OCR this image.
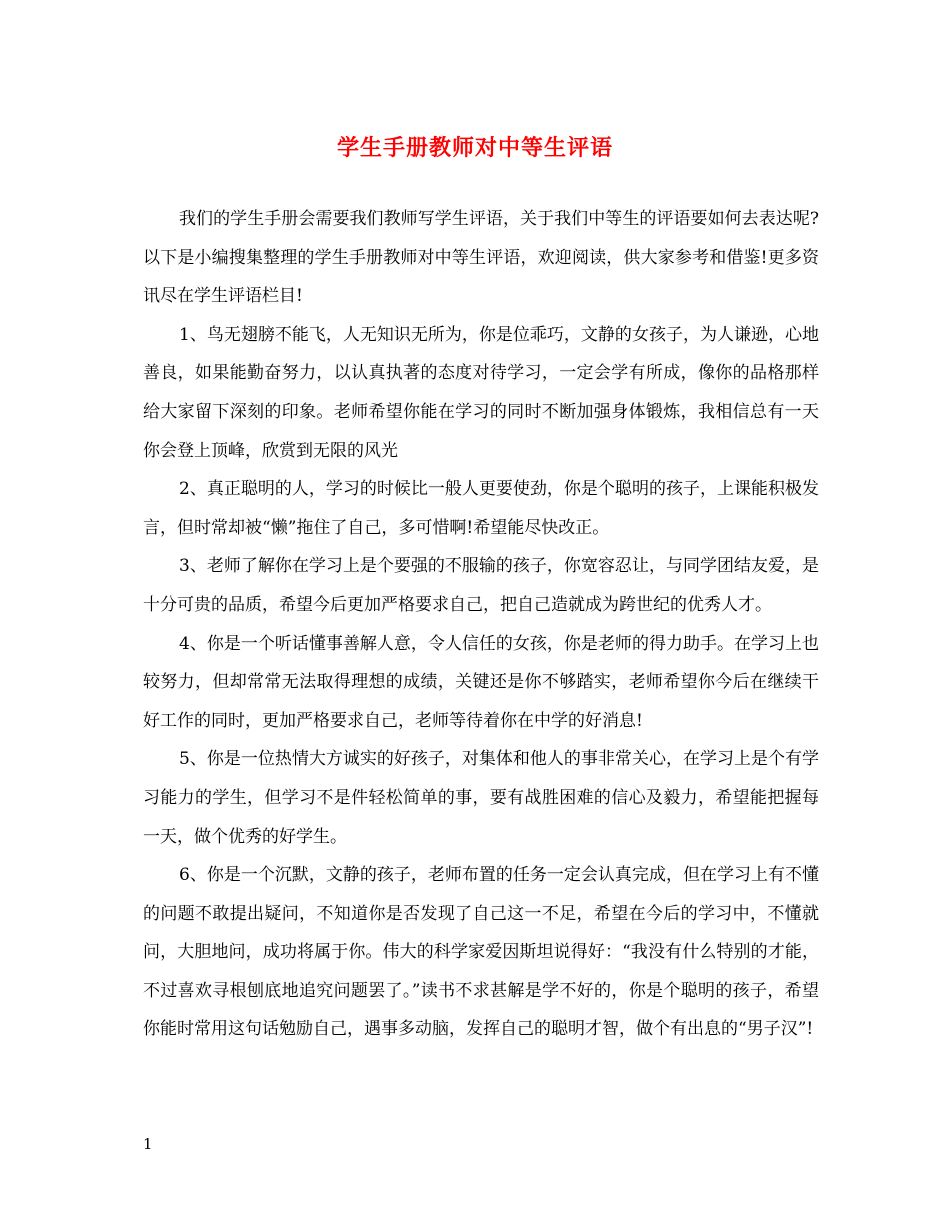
学生手册教师对中等生评语

我们的学生手册会需要我们教师写学生评语，关于我们中等生的评语要如何去表达呢?以下是小编搜集整理的学生手册教师对中等生评语，欢迎阅读，供大家参考和借鉴!更多资讯尽在学生评语栏目!

1、鸟无翅膀不能飞，人无知识无所为，你是位乖巧，文静的女孩子，为人谦逊，心地善良，如果能勤奋努力，以认真执著的态度对待学习，一定会学有所成，像你的品格那样给大家留下深刻的印象。老师希望你能在学习的同时不断加强身体锻炼，我相信总有一天你会登上顶峰，欣赏到无限的风光

2、真正聪明的人，学习的时候比一般人更要使劲，你是个聪明的孩子，上课能积极发言，但时常却被“懒”拖住了自己，多可惜啊!希望能尽快改正。

3、老师了解你在学习上是个要强的不服输的孩子，你宽容忍让，与同学团结友爱，是十分可贵的品质，希望今后更加严格要求自己，把自己造就成为跨世纪的优秀人才。

4、你是一个听话懂事善解人意，令人信任的女孩，你是老师的得力助手。在学习上也较努力，但却常常无法取得理想的成绩，关键还是你不够踏实，老师希望你今后在继续干好工作的同时，更加严格要求自己，老师等待着你在中学的好消息!

5、你是一位热情大方诚实的好孩子，对集体和他人的事非常关心，在学习上是个有学习能力的学生，但学习不是件轻松简单的事，要有战胜困难的信心及毅力，希望能把握每一天，做个优秀的好学生。

6、你是一个沉默，文静的孩子，老师布置的任务一定会认真完成，但在学习上有不懂的问题不敢提出疑问，不知道你是否发现了自己这一不足，希望在今后的学习中，不懂就问，大胆地问，成功将属于你。伟大的科学家爱因斯坦说得好：“我没有什么特别的才能，不过喜欢寻根刨底地追究问题罢了。”读书不求甚解是学不好的，你是个聪明的孩子，希望你能时常用这句话勉励自己，遇事多动脑，发挥自己的聪明才智，做个有出息的“男子汉”!

1
